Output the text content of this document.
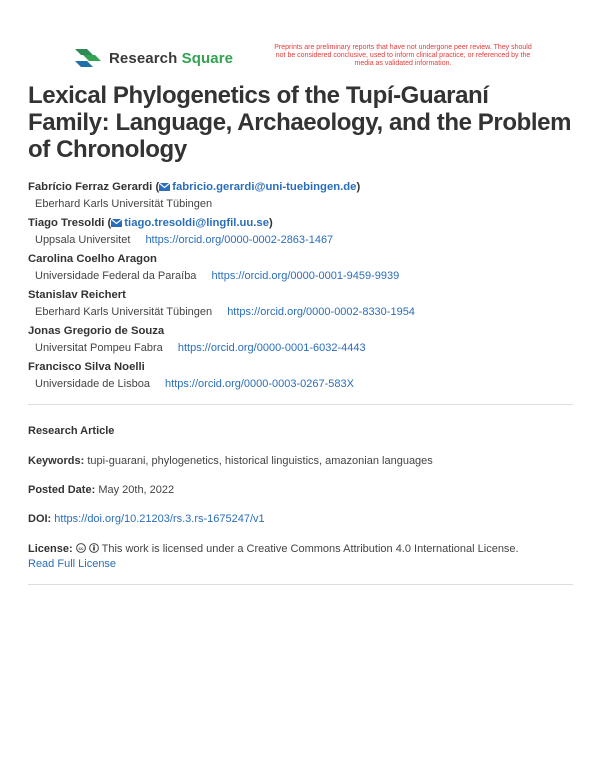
Research Square
Preprints are preliminary reports that have not undergone peer review. They should not be considered conclusive, used to inform clinical practice, or referenced by the media as validated information.
Lexical Phylogenetics of the Tupí-Guaraní Family: Language, Archaeology, and the Problem of Chronology
Fabrício Ferraz Gerardi ( fabricio.gerardi@uni-tuebingen.de)
Eberhard Karls Universität Tübingen
Tiago Tresoldi ( tiago.tresoldi@lingfil.uu.se)
Uppsala Universitet https://orcid.org/0000-0002-2863-1467
Carolina Coelho Aragon
Universidade Federal da Paraíba https://orcid.org/0000-0001-9459-9939
Stanislav Reichert
Eberhard Karls Universität Tübingen https://orcid.org/0000-0002-8330-1954
Jonas Gregorio de Souza
Universitat Pompeu Fabra https://orcid.org/0000-0001-6032-4443
Francisco Silva Noelli
Universidade de Lisboa https://orcid.org/0000-0003-0267-583X
Research Article
Keywords: tupi-guarani, phylogenetics, historical linguistics, amazonian languages
Posted Date: May 20th, 2022
DOI: https://doi.org/10.21203/rs.3.rs-1675247/v1
License: cc This work is licensed under a Creative Commons Attribution 4.0 International License.
Read Full License
